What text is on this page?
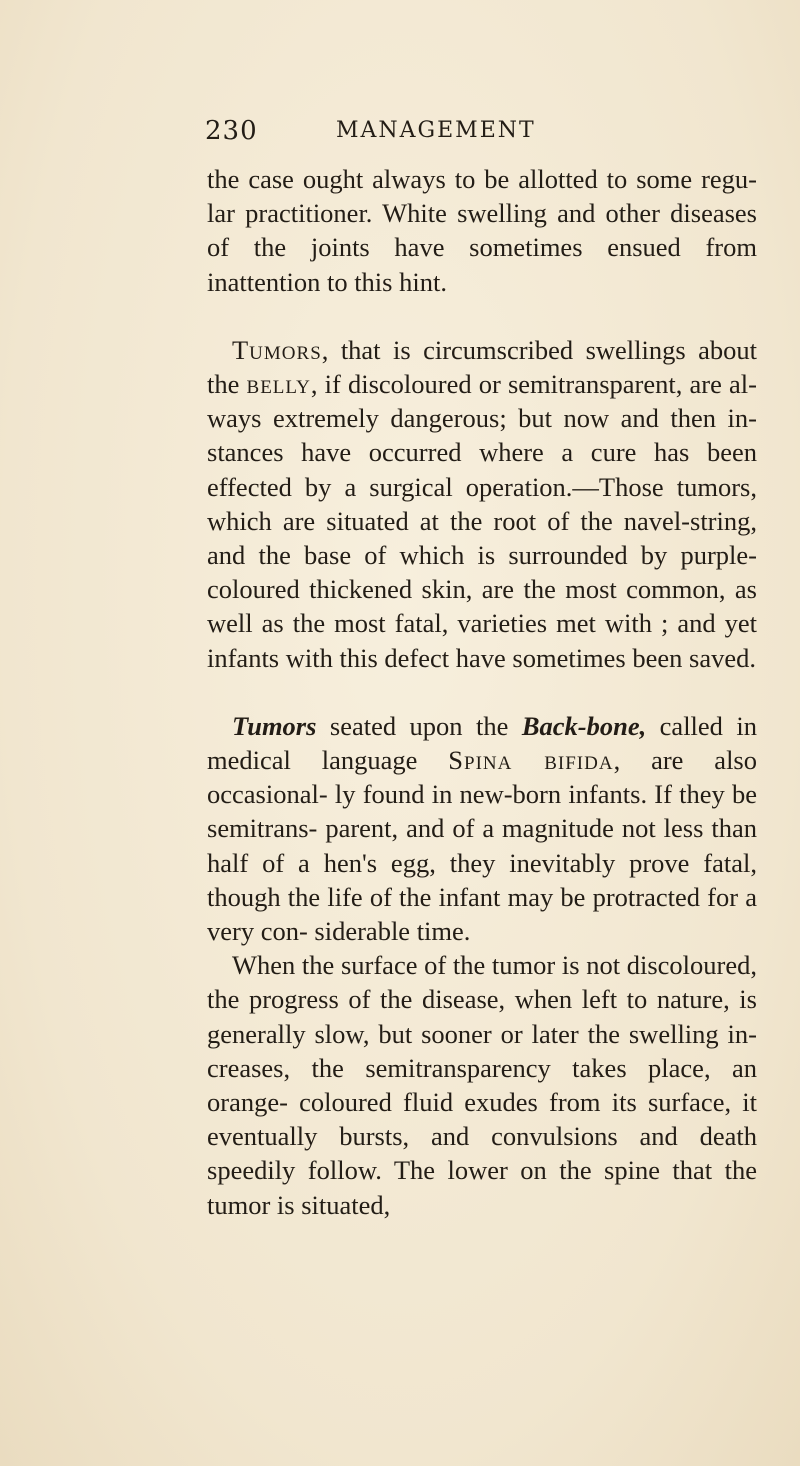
230	MANAGEMENT

the case ought always to be allotted to some regu- lar practitioner. White swelling and other diseases of the joints have sometimes ensued from inattention to this hint.

Tumors, that is circumscribed swellings about the belly, if discoloured or semitransparent, are al- ways extremely dangerous; but now and then in- stances have occurred where a cure has been effected by a surgical operation.—Those tumors, which are situated at the root of the navel-string, and the base of which is surrounded by purple-coloured thickened skin, are the most common, as well as the most fatal, varieties met with ; and yet infants with this defect have sometimes been saved.

Tumors seated upon the Back-bone, called in medical language Spina bifida, are also occasional- ly found in new-born infants. If they be semitrans- parent, and of a magnitude not less than half of a hen's egg, they inevitably prove fatal, though the life of the infant may be protracted for a very con- siderable time.

When the surface of the tumor is not discoloured, the progress of the disease, when left to nature, is generally slow, but sooner or later the swelling in- creases, the semitransparency takes place, an orange- coloured fluid exudes from its surface, it eventually bursts, and convulsions and death speedily follow. The lower on the spine that the tumor is situated,
